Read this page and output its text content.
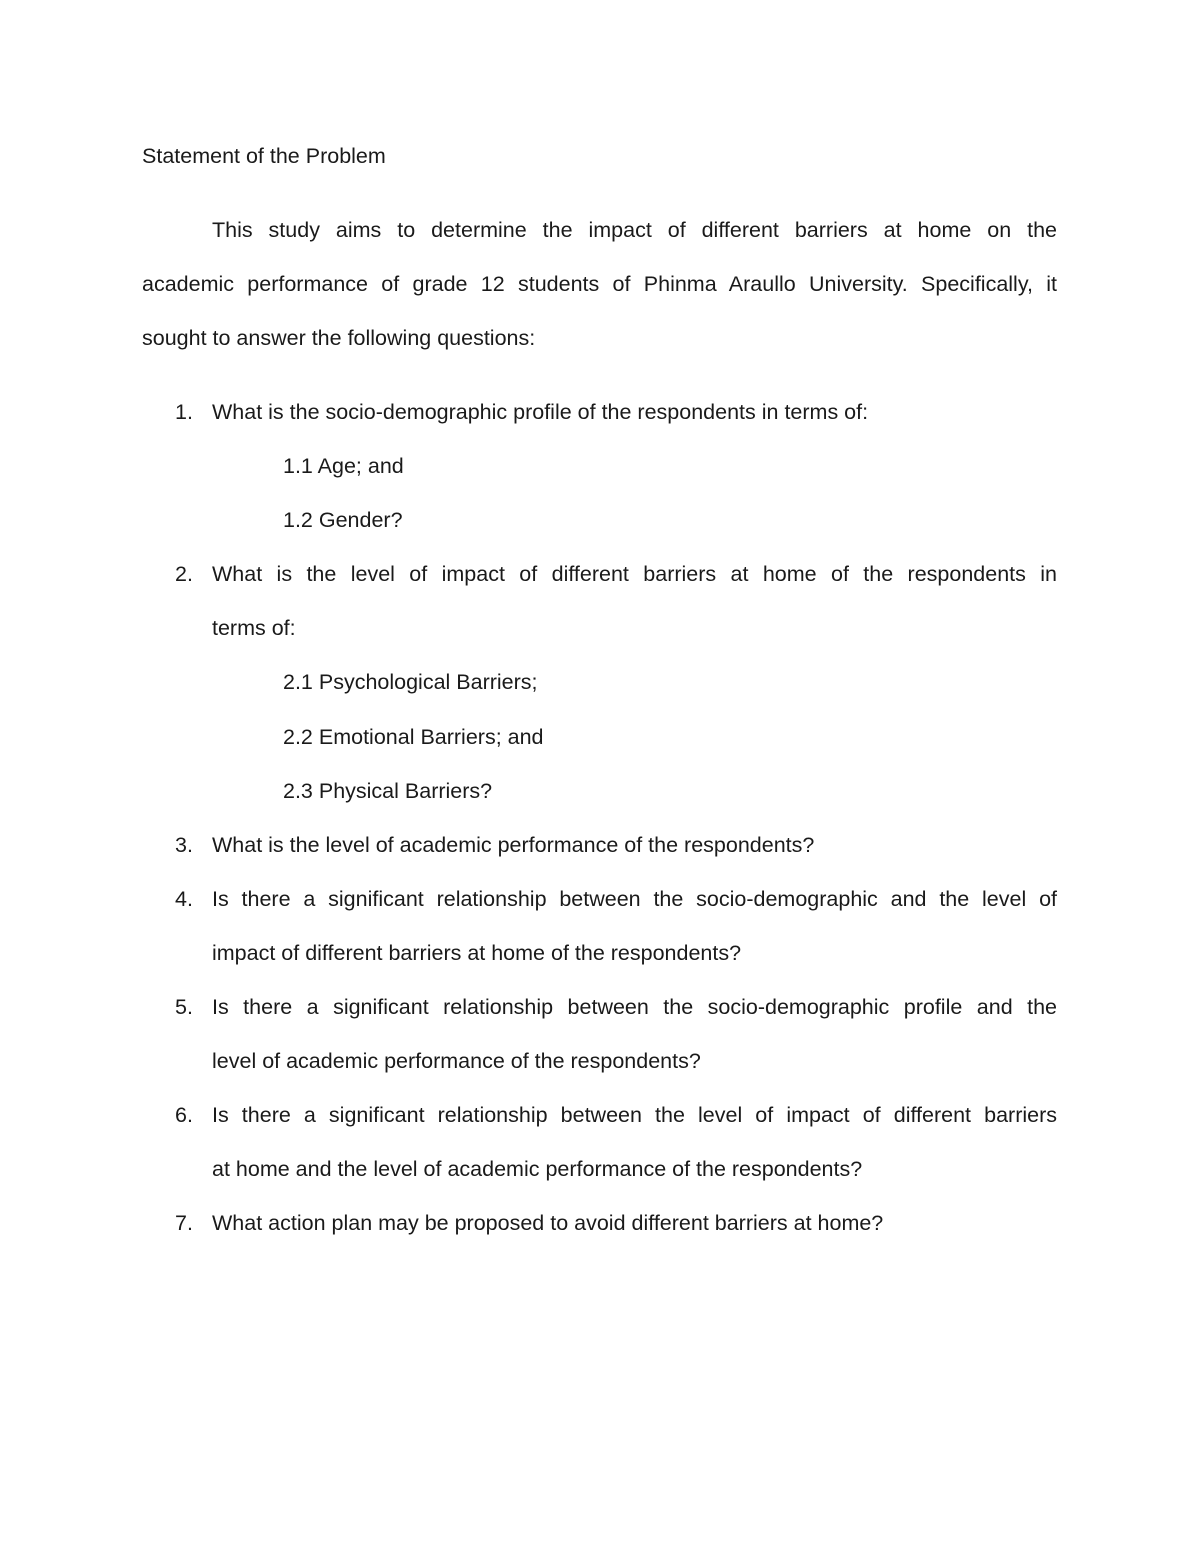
Statement of the Problem
This study aims to determine the impact of different barriers at home on the
academic performance of grade 12 students of Phinma Araullo University. Specifically, it
sought to answer the following questions:
1. What is the socio-demographic profile of the respondents in terms of:
1.1 Age; and
1.2 Gender?
2. What is the level of impact of different barriers at home of the respondents in
terms of:
2.1 Psychological Barriers;
2.2 Emotional Barriers; and
2.3 Physical Barriers?
3. What is the level of academic performance of the respondents?
4. Is there a significant relationship between the socio-demographic and the level of
impact of different barriers at home of the respondents?
5. Is there a significant relationship between the socio-demographic profile and the
level of academic performance of the respondents?
6. Is there a significant relationship between the level of impact of different barriers
at home and the level of academic performance of the respondents?
7. What action plan may be proposed to avoid different barriers at home?
